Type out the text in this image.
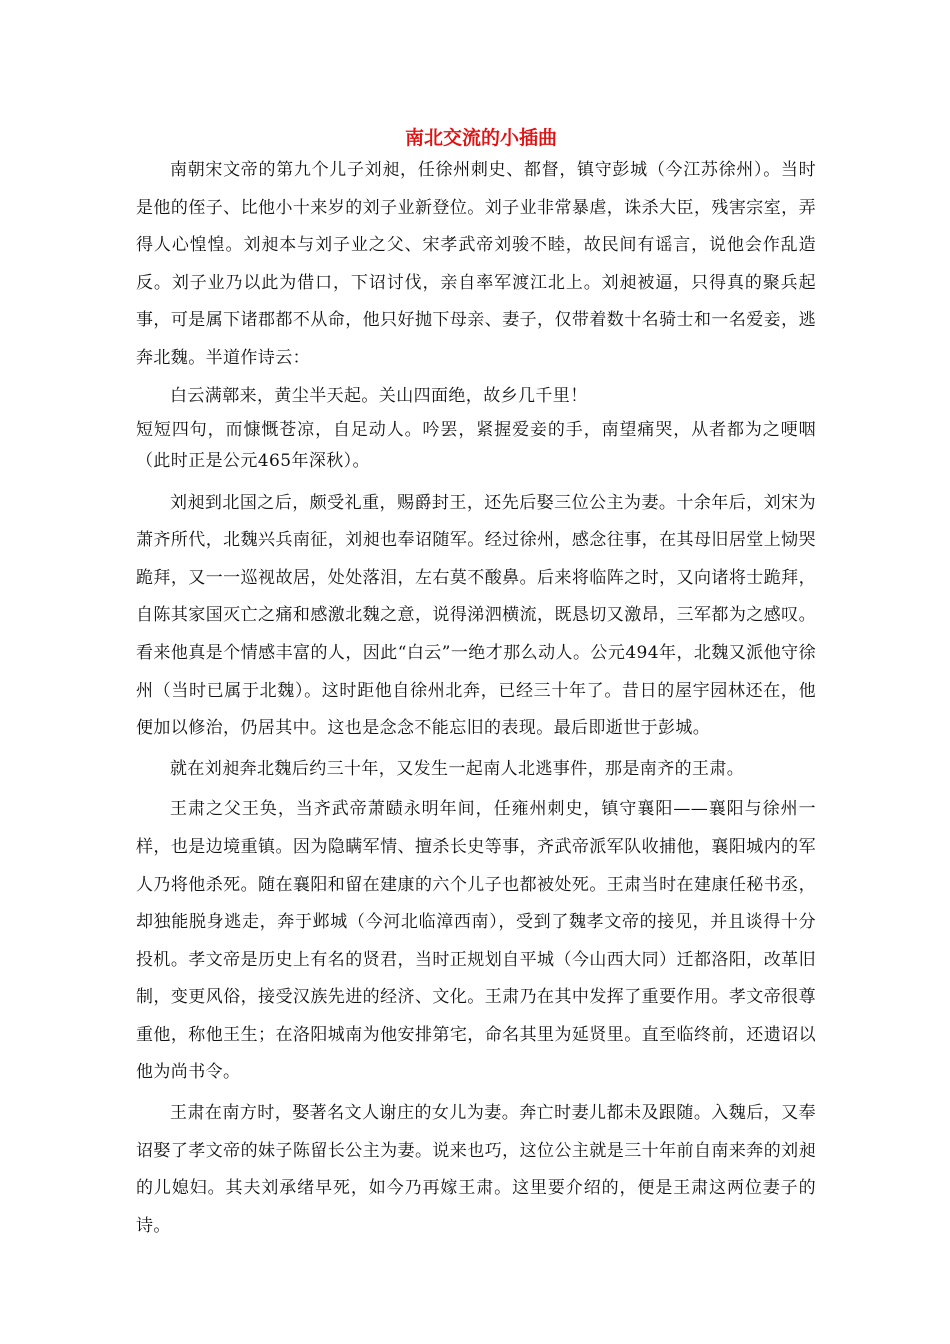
南北交流的小插曲

南朝宋文帝的第九个儿子刘昶，任徐州刺史、都督，镇守彭城（今江苏徐州）。当时是他的侄子、比他小十来岁的刘子业新登位。刘子业非常暴虐，诛杀大臣，残害宗室，弄得人心惶惶。刘昶本与刘子业之父、宋孝武帝刘骏不睦，故民间有谣言，说他会作乱造反。刘子业乃以此为借口，下诏讨伐，亲自率军渡江北上。刘昶被逼，只得真的聚兵起事，可是属下诸郡都不从命，他只好抛下母亲、妻子，仅带着数十名骑士和一名爱妾，逃奔北魏。半道作诗云：

白云满鄣来，黄尘半天起。关山四面绝，故乡几千里！

短短四句，而慷慨苍凉，自足动人。吟罢，紧握爱妾的手，南望痛哭，从者都为之哽咽（此时正是公元465年深秋）。

刘昶到北国之后，颇受礼重，赐爵封王，还先后娶三位公主为妻。十余年后，刘宋为萧齐所代，北魏兴兵南征，刘昶也奉诏随军。经过徐州，感念往事，在其母旧居堂上恸哭跪拜，又一一巡视故居，处处落泪，左右莫不酸鼻。后来将临阵之时，又向诸将士跪拜，自陈其家国灭亡之痛和感激北魏之意，说得涕泗横流，既恳切又激昂，三军都为之感叹。看来他真是个情感丰富的人，因此“白云”一绝才那么动人。公元494年，北魏又派他守徐州（当时已属于北魏）。这时距他自徐州北奔，已经三十年了。昔日的屋宇园林还在，他便加以修治，仍居其中。这也是念念不能忘旧的表现。最后即逝世于彭城。

就在刘昶奔北魏后约三十年，又发生一起南人北逃事件，那是南齐的王肃。

王肃之父王奂，当齐武帝萧赜永明年间，任雍州刺史，镇守襄阳——襄阳与徐州一样，也是边境重镇。因为隐瞒军情、擅杀长史等事，齐武帝派军队收捕他，襄阳城内的军人乃将他杀死。随在襄阳和留在建康的六个儿子也都被处死。王肃当时在建康任秘书丞，却独能脱身逃走，奔于邺城（今河北临漳西南），受到了魏孝文帝的接见，并且谈得十分投机。孝文帝是历史上有名的贤君，当时正规划自平城（今山西大同）迁都洛阳，改革旧制，变更风俗，接受汉族先进的经济、文化。王肃乃在其中发挥了重要作用。孝文帝很尊重他，称他王生；在洛阳城南为他安排第宅，命名其里为延贤里。直至临终前，还遗诏以他为尚书令。

王肃在南方时，娶著名文人谢庄的女儿为妻。奔亡时妻儿都未及跟随。入魏后，又奉诏娶了孝文帝的妹子陈留长公主为妻。说来也巧，这位公主就是三十年前自南来奔的刘昶的儿媳妇。其夫刘承绪早死，如今乃再嫁王肃。这里要介绍的，便是王肃这两位妻子的诗。
